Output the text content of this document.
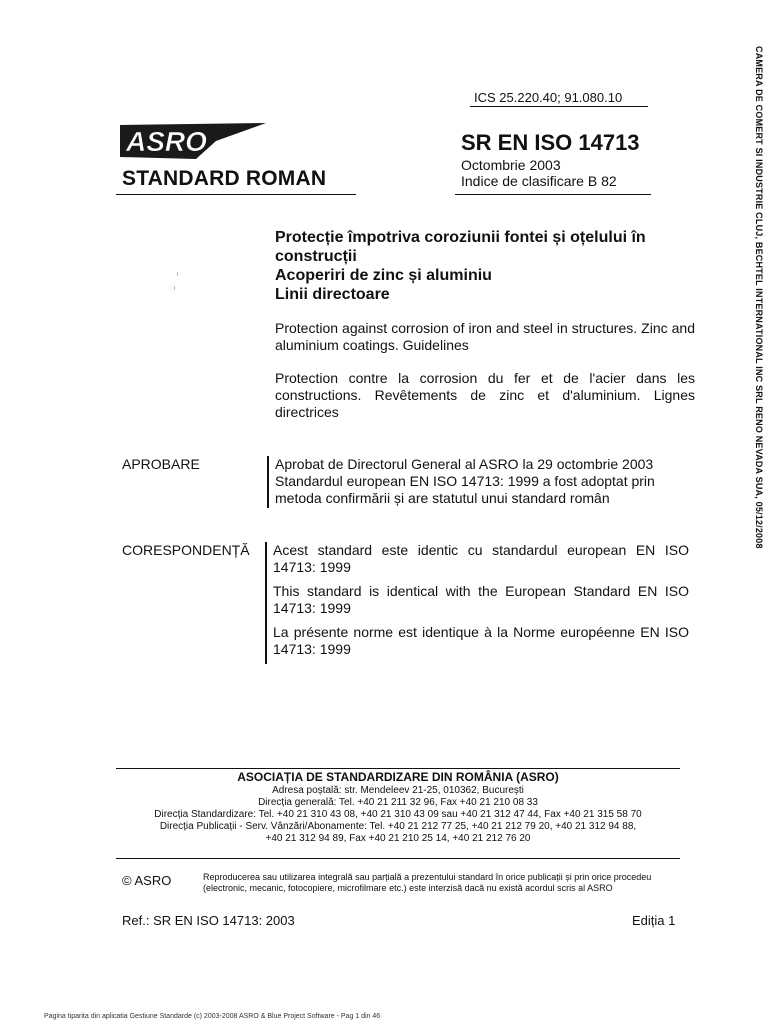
ICS 25.220.40; 91.080.10
ASRO
STANDARD ROMAN
SR EN ISO 14713
Octombrie 2003
Indice de clasificare B 82
Protecție împotriva coroziunii fontei și oțelului în
construcții
Acoperiri de zinc și aluminiu
Linii directoare
Protection against corrosion of iron and steel in structures. Zinc and aluminium coatings. Guidelines
Protection contre la corrosion du fer et de l'acier dans les constructions. Revêtements de zinc et d'aluminium. Lignes directrices
APROBARE	Aprobat de Directorul General al ASRO la 29 octombrie 2003
Standardul european EN ISO 14713: 1999 a fost adoptat prin
metoda confirmării și are statutul unui standard român
CORESPONDENȚĂ Acest standard este identic cu standardul european EN ISO 14713: 1999
This standard is identical with the European Standard EN ISO 14713: 1999
La présente norme est identique à la Norme européenne EN ISO 14713: 1999
ASOCIAȚIA DE STANDARDIZARE DIN ROMÂNIA (ASRO)
Adresa poștală: str. Mendeleev 21-25, 010362, București
Direcția generală: Tel. +40 21 211 32 96, Fax +40 21 210 08 33
Direcția Standardizare: Tel. +40 21 310 43 08, +40 21 310 43 09 sau +40 21 312 47 44, Fax +40 21 315 58 70
Direcția Publicații - Serv. Vânzări/Abonamente: Tel. +40 21 212 77 25, +40 21 212 79 20, +40 21 312 94 88,
+40 21 312 94 89, Fax +40 21 210 25 14, +40 21 212 76 20
© ASRO	Reproducerea sau utilizarea integrală sau parțială a prezentului standard în orice publicații și prin orice procedeu (electronic, mecanic, fotocopiere, microfilmare etc.) este interzisă dacă nu există acordul scris al ASRO
Ref.: SR EN ISO 14713: 2003	Ediția 1
Pagina tiparita din aplicatia Gestiune Standarde (c) 2003-2008 ASRO & Blue Project Software - Pag 1 din 46
CAMERA DE COMERT SI INDUSTRIE CLUJ, BECHTEL INTERNATIONAL INC SRL RENO NEVADA SUA, 05/12/2008
